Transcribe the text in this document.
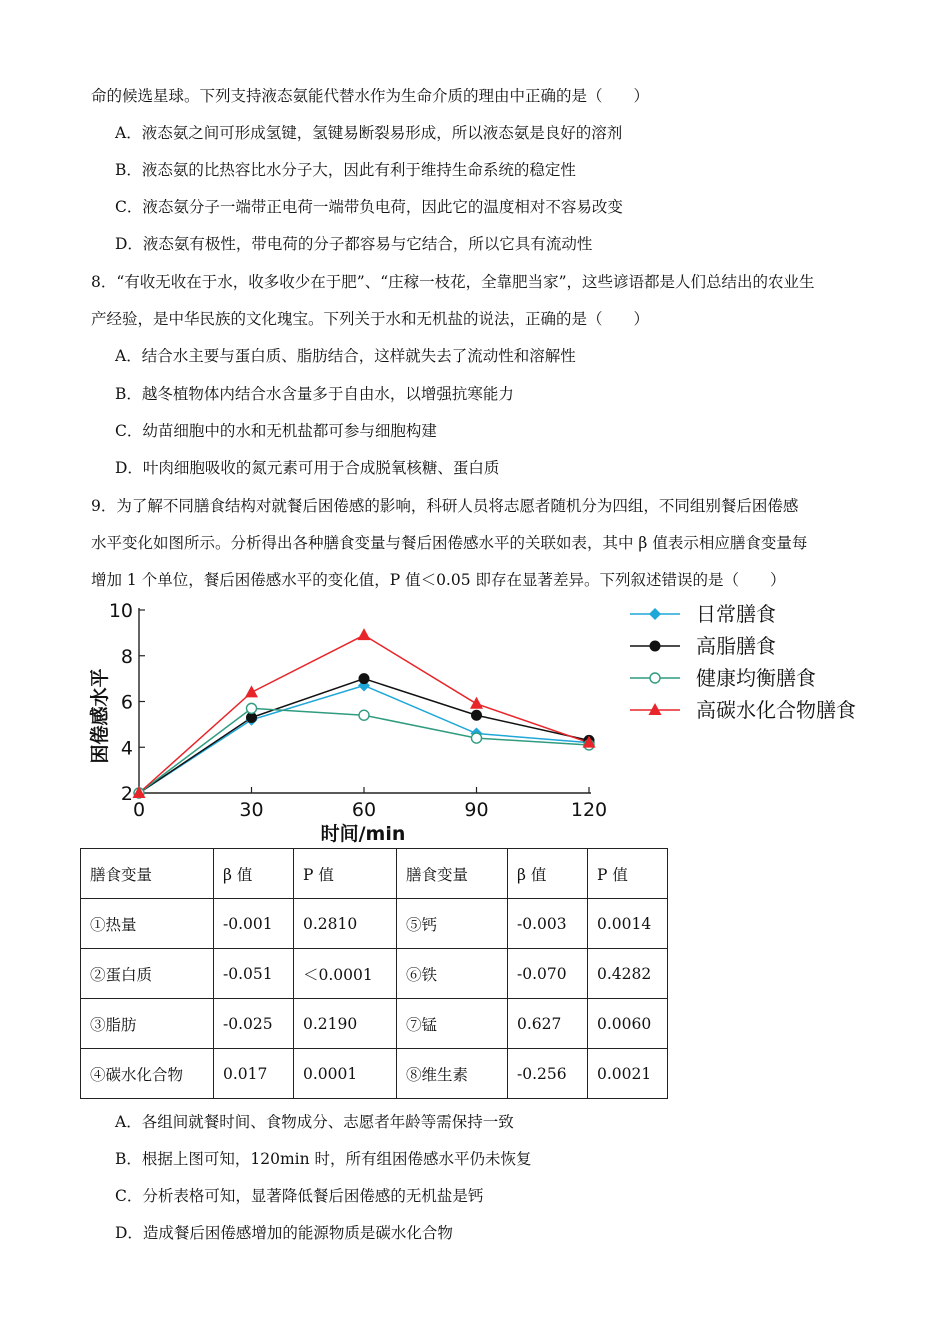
命的候选星球。下列支持液态氨能代替水作为生命介质的理由中正确的是（　　）
A．液态氨之间可形成氢键，氢键易断裂易形成，所以液态氨是良好的溶剂
B．液态氨的比热容比水分子大，因此有利于维持生命系统的稳定性
C．液态氨分子一端带正电荷一端带负电荷，因此它的温度相对不容易改变
D．液态氨有极性，带电荷的分子都容易与它结合，所以它具有流动性
8．“有收无收在于水，收多收少在于肥”、“庄稼一枝花，全靠肥当家”，这些谚语都是人们总结出的农业生
产经验，是中华民族的文化瑰宝。下列关于水和无机盐的说法，正确的是（　　）
A．结合水主要与蛋白质、脂肪结合，这样就失去了流动性和溶解性
B．越冬植物体内结合水含量多于自由水，以增强抗寒能力
C．幼苗细胞中的水和无机盐都可参与细胞构建
D．叶肉细胞吸收的氮元素可用于合成脱氧核糖、蛋白质
9．为了解不同膳食结构对就餐后困倦感的影响，科研人员将志愿者随机分为四组，不同组别餐后困倦感
水平变化如图所示。分析得出各种膳食变量与餐后困倦感水平的关联如表，其中 β 值表示相应膳食变量每
增加 1 个单位，餐后困倦感水平的变化值，P 值＜0.05 即存在显著差异。下列叙述错误的是（　　）
2
4
6
8
10
0	30	60	90	120
日常膳食
高脂膳食
健康均衡膳食
高碳水化合物膳食
困倦感水平
时间/min
膳食变量	β 值	P 值	膳食变量	β 值	P 值
①热量	-0.001	0.2810	⑤钙	-0.003	0.0014
②蛋白质	-0.051	＜0.0001	⑥铁	-0.070	0.4282
③脂肪	-0.025	0.2190	⑦锰	0.627	0.0060
④碳水化合物	0.017	0.0001	⑧维生素	-0.256	0.0021
A．各组间就餐时间、食物成分、志愿者年龄等需保持一致
B．根据上图可知，120min 时，所有组困倦感水平仍未恢复
C．分析表格可知，显著降低餐后困倦感的无机盐是钙
D．造成餐后困倦感增加的能源物质是碳水化合物
